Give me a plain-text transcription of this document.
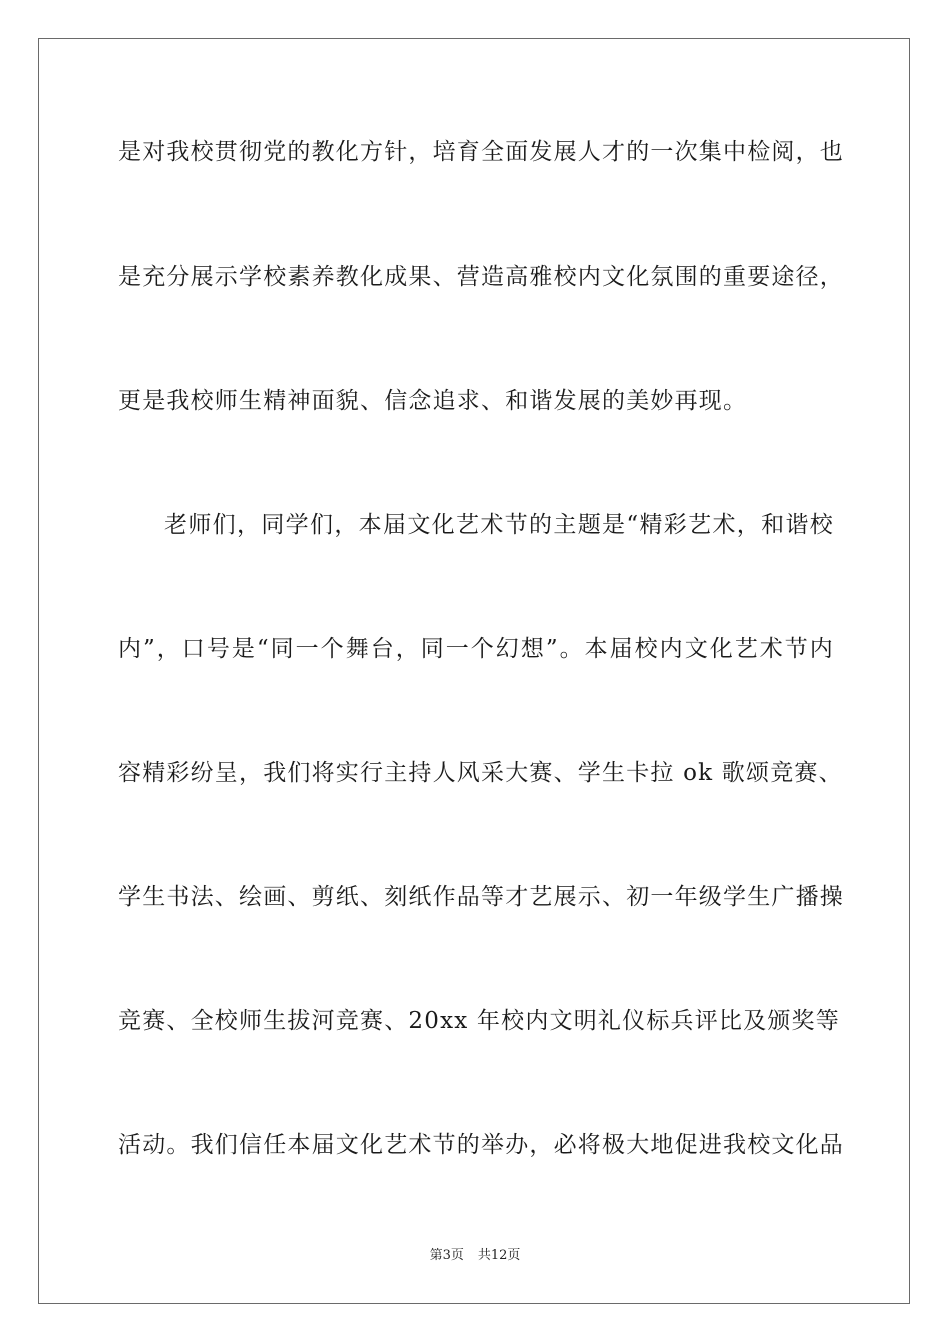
是对我校贯彻党的教化方针，培育全面发展人才的一次集中检阅，也
是充分展示学校素养教化成果、营造高雅校内文化氛围的重要途径，
更是我校师生精神面貌、信念追求、和谐发展的美妙再现。
老师们，同学们，本届文化艺术节的主题是“精彩艺术，和谐校
内”，口号是“同一个舞台，同一个幻想”。本届校内文化艺术节内
容精彩纷呈，我们将实行主持人风采大赛、学生卡拉 ok 歌颂竞赛、
学生书法、绘画、剪纸、刻纸作品等才艺展示、初一年级学生广播操
竞赛、全校师生拔河竞赛、20xx 年校内文明礼仪标兵评比及颁奖等
活动。我们信任本届文化艺术节的举办，必将极大地促进我校文化品
第3页 共12页
